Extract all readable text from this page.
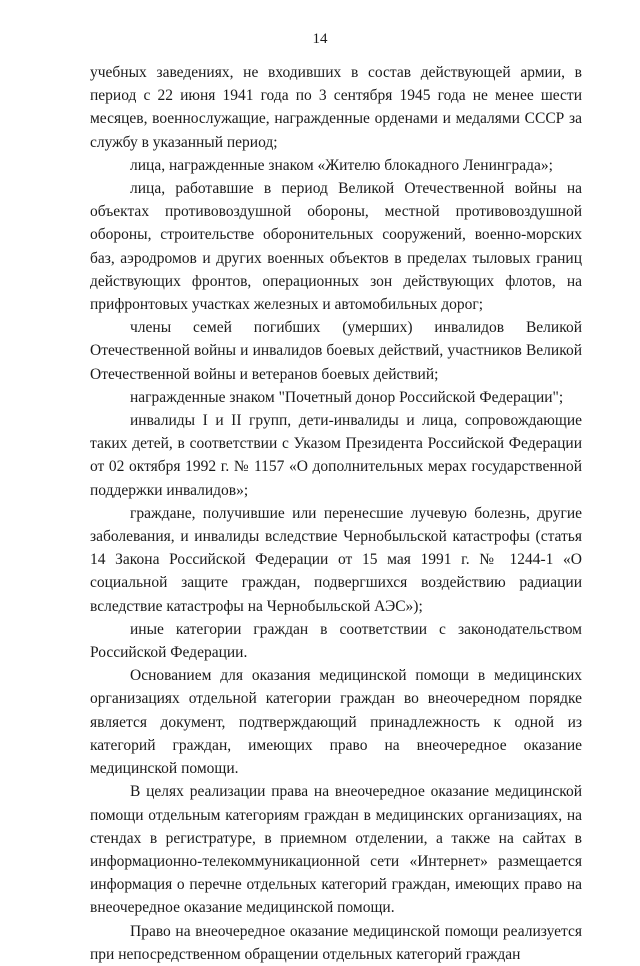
14

учебных заведениях, не входивших в состав действующей армии, в период с 22 июня 1941 года по 3 сентября 1945 года не менее шести месяцев, военнослужащие, награжденные орденами и медалями СССР за службу в указанный период;

лица, награжденные знаком «Жителю блокадного Ленинграда»;

лица, работавшие в период Великой Отечественной войны на объектах противовоздушной обороны, местной противовоздушной обороны, строительстве оборонительных сооружений, военно-морских баз, аэродромов и других военных объектов в пределах тыловых границ действующих фронтов, операционных зон действующих флотов, на прифронтовых участках железных и автомобильных дорог;

члены семей погибших (умерших) инвалидов Великой Отечественной войны и инвалидов боевых действий, участников Великой Отечественной войны и ветеранов боевых действий;

награжденные знаком "Почетный донор Российской Федерации";

инвалиды I и II групп, дети-инвалиды и лица, сопровождающие таких детей, в соответствии с Указом Президента Российской Федерации от 02 октября 1992 г. № 1157 «О дополнительных мерах государственной поддержки инвалидов»;

граждане, получившие или перенесшие лучевую болезнь, другие заболевания, и инвалиды вследствие Чернобыльской катастрофы (статья 14 Закона Российской Федерации от 15 мая 1991 г. № 1244-1 «О социальной защите граждан, подвергшихся воздействию радиации вследствие катастрофы на Чернобыльской АЭС»);

иные категории граждан в соответствии с законодательством Российской Федерации.

Основанием для оказания медицинской помощи в медицинских организациях отдельной категории граждан во внеочередном порядке является документ, подтверждающий принадлежность к одной из категорий граждан, имеющих право на внеочередное оказание медицинской помощи.

В целях реализации права на внеочередное оказание медицинской помощи отдельным категориям граждан в медицинских организациях, на стендах в регистратуре, в приемном отделении, а также на сайтах в информационно-телекоммуникационной сети «Интернет» размещается информация о перечне отдельных категорий граждан, имеющих право на внеочередное оказание медицинской помощи.

Право на внеочередное оказание медицинской помощи реализуется при непосредственном обращении отдельных категорий граждан
